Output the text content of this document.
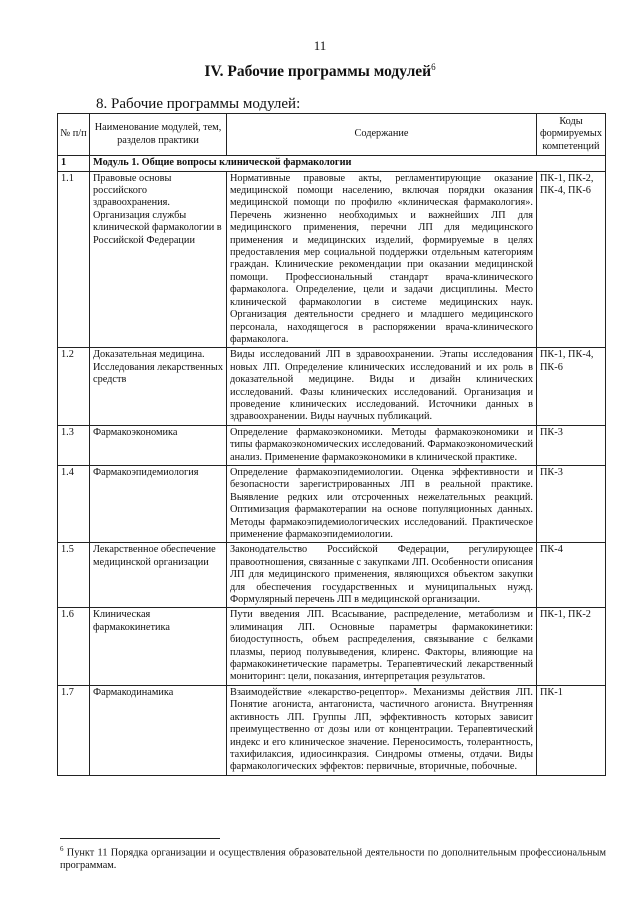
11
IV. Рабочие программы модулей$^6$
8. Рабочие программы модулей:
№ п/п	Наименование модулей, тем, разделов практики	Содержание	Коды формируемых компетенций
1	Модуль 1. Общие вопросы клинической фармакологии		
1.1	Правовые основы российского здравоохранения. Организация службы клинической фармакологии в Российской Федерации	Нормативные правовые акты, регламентирующие оказание медицинской помощи населению, включая порядки оказания медицинской помощи по профилю «клиническая фармакология». Перечень жизненно необходимых и важнейших ЛП для медицинского применения, перечни ЛП для медицинского применения и медицинских изделий, формируемые в целях предоставления мер социальной поддержки отдельным категориям граждан. Клинические рекомендации при оказании медицинской помощи. Профессиональный стандарт врача-клинического фармаколога. Определение, цели и задачи дисциплины. Место клинической фармакологии в системе медицинских наук. Организация деятельности среднего и младшего медицинского персонала, находящегося в распоряжении врача-клинического фармаколога.	ПК-1, ПК-2, ПК-4, ПК-6
1.2	Доказательная медицина. Исследования лекарственных средств	Виды исследований ЛП в здравоохранении. Этапы исследования новых ЛП. Определение клинических исследований и их роль в доказательной медицине. Виды и дизайн клинических исследований. Фазы клинических исследований. Организация и проведение клинических исследований. Источники данных в здравоохранении. Виды научных публикаций.	ПК-1, ПК-4, ПК-6
1.3	Фармакоэкономика	Определение фармакоэкономики. Методы фармакоэкономики и типы фармакоэкономических исследований. Фармакоэкономический анализ. Применение фармакоэкономики в клинической практике.	ПК-3
1.4	Фармакоэпидемиология	Определение фармакоэпидемиологии. Оценка эффективности и безопасности зарегистрированных ЛП в реальной практике. Выявление редких или отсроченных нежелательных реакций. Оптимизация фармакотерапии на основе популяционных данных. Методы фармакоэпидемиологических исследований. Практическое применение фармакоэпидемиологии.	ПК-3
1.5	Лекарственное обеспечение медицинской организации	Законодательство Российской Федерации, регулирующее правоотношения, связанные с закупками ЛП. Особенности описания ЛП для медицинского применения, являющихся объектом закупки для обеспечения государственных и муниципальных нужд. Формулярный перечень ЛП в медицинской организации.	ПК-4
1.6	Клиническая фармакокинетика	Пути введения ЛП. Всасывание, распределение, метаболизм и элиминация ЛП. Основные параметры фармакокинетики: биодоступность, объем распределения, связывание с белками плазмы, период полувыведения, клиренс. Факторы, влияющие на фармакокинетические параметры. Терапевтический лекарственный мониторинг: цели, показания, интерпретация результатов.	ПК-1, ПК-2
1.7	Фармакодинамика	Взаимодействие «лекарство-рецептор». Механизмы действия ЛП. Понятие агониста, антагониста, частичного агониста. Внутренняя активность ЛП. Группы ЛП, эффективность которых зависит преимущественно от дозы или от концентрации. Терапевтический индекс и его клиническое значение. Переносимость, толерантность, тахифилаксия, идиосинкразия. Синдромы отмены, отдачи. Виды фармакологических эффектов: первичные, вторичные, побочные.	ПК-1
$^6$ Пункт 11 Порядка организации и осуществления образовательной деятельности по дополнительным профессиональным программам.
